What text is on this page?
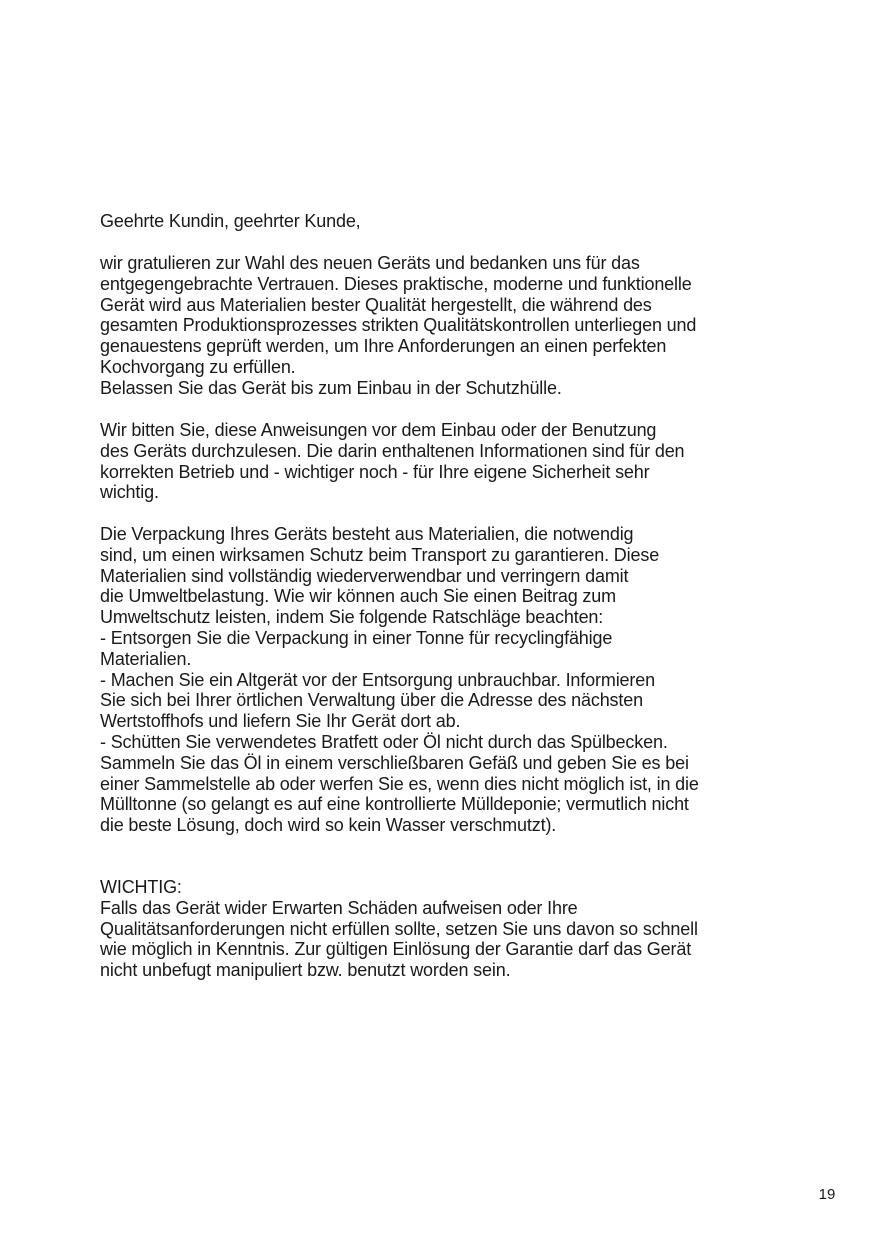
Geehrte Kundin, geehrter Kunde,
wir gratulieren zur Wahl des neuen Geräts und bedanken uns für das
entgegengebrachte Vertrauen. Dieses praktische, moderne und funktionelle
Gerät wird aus Materialien bester Qualität hergestellt, die während des
gesamten Produktionsprozesses strikten Qualitätskontrollen unterliegen und
genauestens geprüft werden, um Ihre Anforderungen an einen perfekten
Kochvorgang zu erfüllen.
Belassen Sie das Gerät bis zum Einbau in der Schutzhülle.
Wir bitten Sie, diese Anweisungen vor dem Einbau oder der Benutzung
des Geräts durchzulesen. Die darin enthaltenen Informationen sind für den
korrekten Betrieb und - wichtiger noch - für Ihre eigene Sicherheit sehr
wichtig.
Die Verpackung Ihres Geräts besteht aus Materialien, die notwendig
sind, um einen wirksamen Schutz beim Transport zu garantieren. Diese
Materialien sind vollständig wiederverwendbar und verringern damit
die Umweltbelastung. Wie wir können auch Sie einen Beitrag zum
Umweltschutz leisten, indem Sie folgende Ratschläge beachten:
- Entsorgen Sie die Verpackung in einer Tonne für recyclingfähige
Materialien.
- Machen Sie ein Altgerät vor der Entsorgung unbrauchbar. Informieren
Sie sich bei Ihrer örtlichen Verwaltung über die Adresse des nächsten
Wertstoffhofs und liefern Sie Ihr Gerät dort ab.
- Schütten Sie verwendetes Bratfett oder Öl nicht durch das Spülbecken.
Sammeln Sie das Öl in einem verschließbaren Gefäß und geben Sie es bei
einer Sammelstelle ab oder werfen Sie es, wenn dies nicht möglich ist, in die
Mülltonne (so gelangt es auf eine kontrollierte Mülldeponie; vermutlich nicht
die beste Lösung, doch wird so kein Wasser verschmutzt).
WICHTIG:
Falls das Gerät wider Erwarten Schäden aufweisen oder Ihre
Qualitätsanforderungen nicht erfüllen sollte, setzen Sie uns davon so schnell
wie möglich in Kenntnis. Zur gültigen Einlösung der Garantie darf das Gerät
nicht unbefugt manipuliert bzw. benutzt worden sein.
19
